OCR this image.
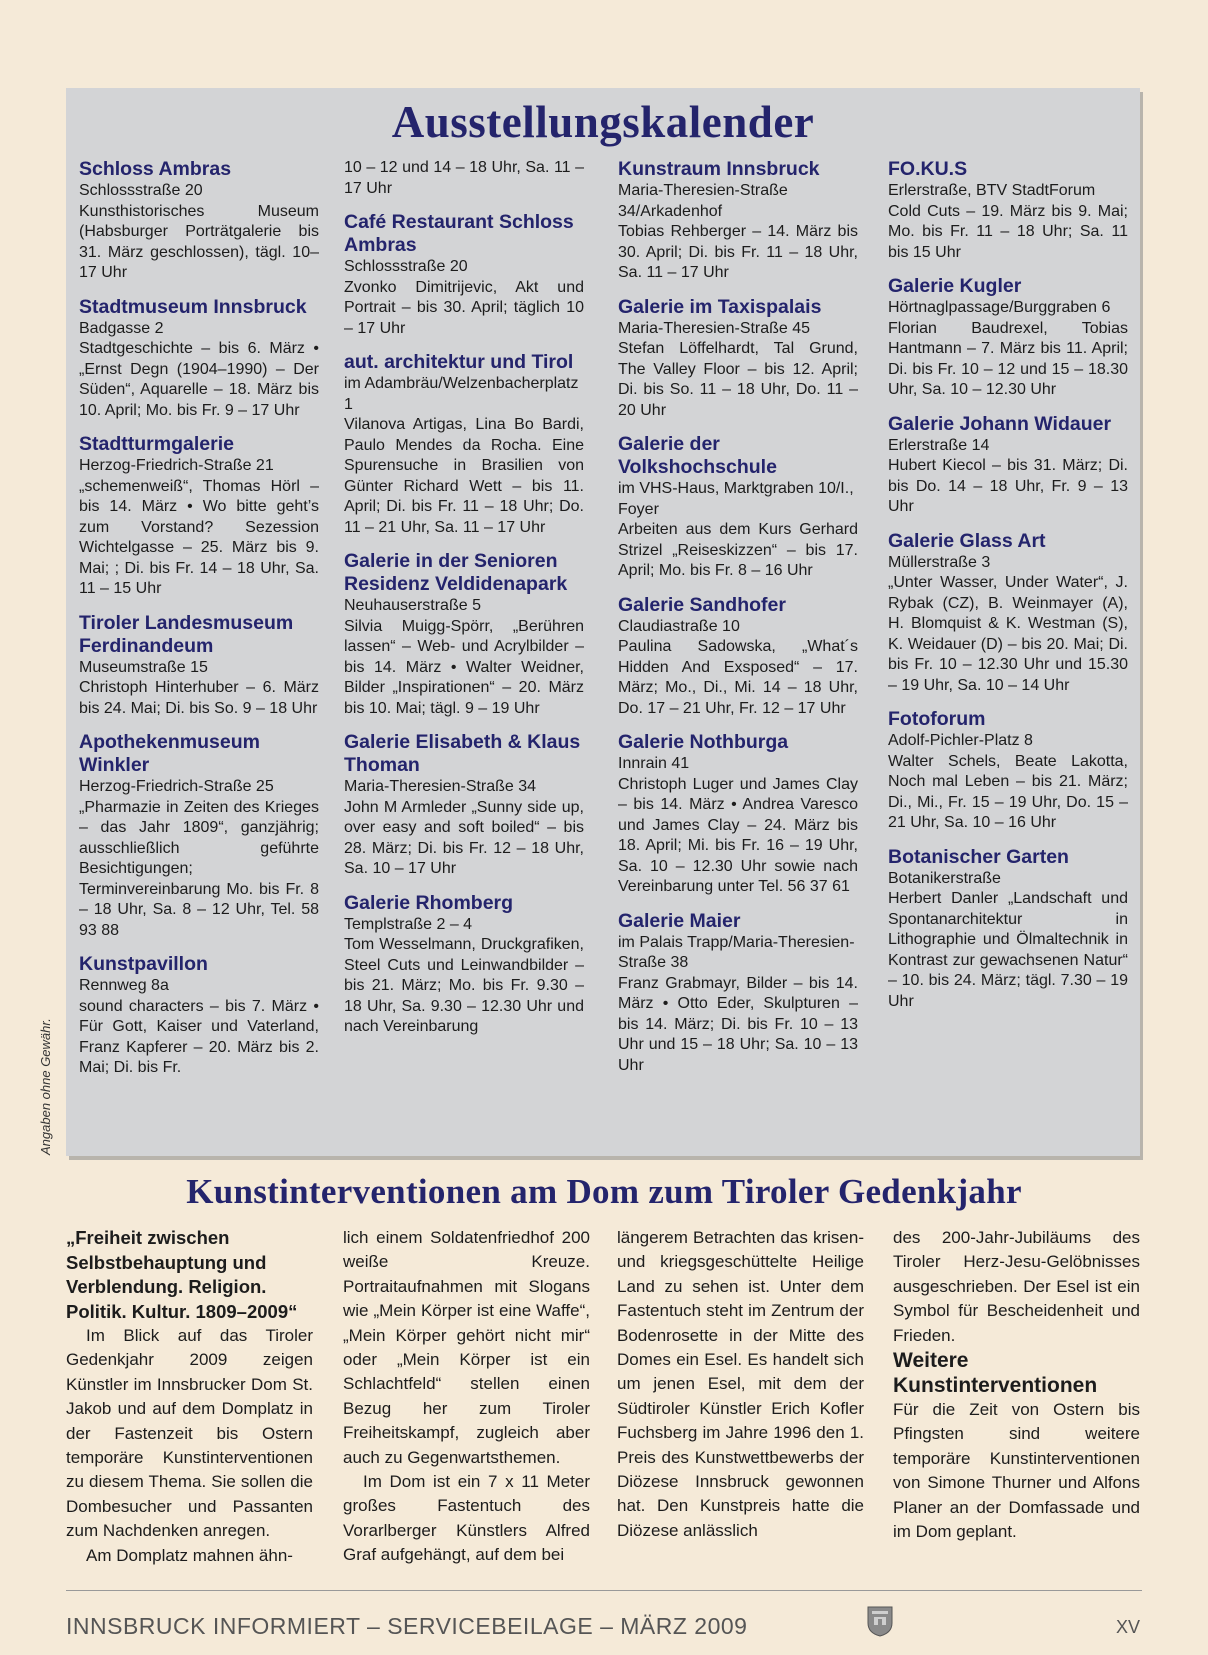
Angaben ohne Gewähr.
Ausstellungskalender
Schloss Ambras

Schlossstraße 20

Kunsthistorisches Museum (Habsburger Porträtgalerie bis 31. März geschlossen), tägl. 10–17 Uhr

Stadtmuseum Innsbruck

Badgasse 2

Stadtgeschichte – bis 6. März • „Ernst Degn (1904–1990) – Der Süden“, Aquarelle – 18. März bis 10. April; Mo. bis Fr. 9 – 17 Uhr

Stadtturmgalerie

Herzog-Friedrich-Straße 21

„schemenweiß“, Thomas Hörl – bis 14. März • Wo bitte geht’s zum Vorstand? Sezession Wichtelgasse – 25. März bis 9. Mai; ; Di. bis Fr. 14 – 18 Uhr, Sa. 11 – 15 Uhr

Tiroler Landesmuseum Ferdinandeum

Museumstraße 15

Christoph Hinterhuber – 6. März bis 24. Mai; Di. bis So. 9 – 18 Uhr

Apothekenmuseum Winkler

Herzog-Friedrich-Straße 25

„Pharmazie in Zeiten des Krieges – das Jahr 1809“, ganzjährig; ausschließlich geführte Besichtigungen; Terminvereinbarung Mo. bis Fr. 8 – 18 Uhr, Sa. 8 – 12 Uhr, Tel. 58 93 88

Kunstpavillon

Rennweg 8a

sound characters – bis 7. März • Für Gott, Kaiser und Vaterland, Franz Kapferer – 20. März bis 2. Mai; Di. bis Fr.

10 – 12 und 14 – 18 Uhr, Sa. 11 – 17 Uhr

Café Restaurant Schloss Ambras

Schlossstraße 20

Zvonko Dimitrijevic, Akt und Portrait – bis 30. April; täglich 10 – 17 Uhr

aut. architektur und Tirol

im Adambräu/Welzenbacherplatz 1

Vilanova Artigas, Lina Bo Bardi, Paulo Mendes da Rocha. Eine Spurensuche in Brasilien von Günter Richard Wett – bis 11. April; Di. bis Fr. 11 – 18 Uhr; Do. 11 – 21 Uhr, Sa. 11 – 17 Uhr

Galerie in der Senioren Residenz Veldidenapark

Neuhauserstraße 5

Silvia Muigg-Spörr, „Berühren lassen“ – Web- und Acrylbilder – bis 14. März • Walter Weidner, Bilder „Inspirationen“ – 20. März bis 10. Mai; tägl. 9 – 19 Uhr

Galerie Elisabeth & Klaus Thoman

Maria-Theresien-Straße 34

John M Armleder „Sunny side up, over easy and soft boiled“ – bis 28. März; Di. bis Fr. 12 – 18 Uhr, Sa. 10 – 17 Uhr

Galerie Rhomberg

Templstraße 2 – 4

Tom Wesselmann, Druckgrafiken, Steel Cuts und Leinwandbilder – bis 21. März; Mo. bis Fr. 9.30 – 18 Uhr, Sa. 9.30 – 12.30 Uhr und nach Vereinbarung

Kunstraum Innsbruck

Maria-Theresien-Straße 34/Arkadenhof

Tobias Rehberger – 14. März bis 30. April; Di. bis Fr. 11 – 18 Uhr, Sa. 11 – 17 Uhr

Galerie im Taxispalais

Maria-Theresien-Straße 45

Stefan Löffelhardt, Tal Grund, The Valley Floor – bis 12. April; Di. bis So. 11 – 18 Uhr, Do. 11 – 20 Uhr

Galerie der Volkshochschule

im VHS-Haus, Marktgraben 10/I., Foyer

Arbeiten aus dem Kurs Gerhard Strizel „Reiseskizzen“ – bis 17. April; Mo. bis Fr. 8 – 16 Uhr

Galerie Sandhofer

Claudiastraße 10

Paulina Sadowska, „What´s Hidden And Exsposed“ – 17. März; Mo., Di., Mi. 14 – 18 Uhr, Do. 17 – 21 Uhr, Fr. 12 – 17 Uhr

Galerie Nothburga

Innrain 41

Christoph Luger und James Clay – bis 14. März • Andrea Varesco und James Clay – 24. März bis 18. April; Mi. bis Fr. 16 – 19 Uhr, Sa. 10 – 12.30 Uhr sowie nach Vereinbarung unter Tel. 56 37 61

Galerie Maier

im Palais Trapp/Maria-Theresien-Straße 38

Franz Grabmayr, Bilder – bis 14. März • Otto Eder, Skulpturen – bis 14. März; Di. bis Fr. 10 – 13 Uhr und 15 – 18 Uhr; Sa. 10 – 13 Uhr

FO.KU.S

Erlerstraße, BTV StadtForum

Cold Cuts – 19. März bis 9. Mai; Mo. bis Fr. 11 – 18 Uhr; Sa. 11 bis 15 Uhr

Galerie Kugler

Hörtnaglpassage/Burggraben 6

Florian Baudrexel, Tobias Hantmann – 7. März bis 11. April; Di. bis Fr. 10 – 12 und 15 – 18.30 Uhr, Sa. 10 – 12.30 Uhr

Galerie Johann Widauer

Erlerstraße 14

Hubert Kiecol – bis 31. März; Di. bis Do. 14 – 18 Uhr, Fr. 9 – 13 Uhr

Galerie Glass Art

Müllerstraße 3

„Unter Wasser, Under Water“, J. Rybak (CZ), B. Weinmayer (A), H. Blomquist & K. Westman (S), K. Weidauer (D) – bis 20. Mai; Di. bis Fr. 10 – 12.30 Uhr und 15.30 – 19 Uhr, Sa. 10 – 14 Uhr

Fotoforum

Adolf-Pichler-Platz 8

Walter Schels, Beate Lakotta, Noch mal Leben – bis 21. März; Di., Mi., Fr. 15 – 19 Uhr, Do. 15 – 21 Uhr, Sa. 10 – 16 Uhr

Botanischer Garten

Botanikerstraße

Herbert Danler „Landschaft und Spontanarchitektur in Lithographie und Ölmaltechnik in Kontrast zur gewachsenen Natur“ – 10. bis 24. März; tägl. 7.30 – 19 Uhr

Kunstinterventionen am Dom zum Tiroler Gedenkjahr

„Freiheit zwischen Selbstbehauptung und Verblendung. Religion. Politik. Kultur. 1809–2009“

Im Blick auf das Tiroler Gedenkjahr 2009 zeigen Künstler im Innsbrucker Dom St. Jakob und auf dem Domplatz in der Fastenzeit bis Ostern temporäre Kunstinterventionen zu diesem Thema. Sie sollen die Dombesucher und Passanten zum Nachdenken anregen.

Am Domplatz mahnen ähn-

lich einem Soldatenfriedhof 200 weiße Kreuze. Portraitaufnahmen mit Slogans wie „Mein Körper ist eine Waffe“, „Mein Körper gehört nicht mir“ oder „Mein Körper ist ein Schlachtfeld“ stellen einen Bezug her zum Tiroler Freiheitskampf, zugleich aber auch zu Gegenwartsthemen.

Im Dom ist ein 7 x 11 Meter großes Fastentuch des Vorarlberger Künstlers Alfred Graf aufgehängt, auf dem bei

längerem Betrachten das krisen- und kriegsgeschüttelte Heilige Land zu sehen ist. Unter dem Fastentuch steht im Zentrum der Bodenrosette in der Mitte des Domes ein Esel. Es handelt sich um jenen Esel, mit dem der Südtiroler Künstler Erich Kofler Fuchsberg im Jahre 1996 den 1. Preis des Kunstwettbewerbs der Diözese Innsbruck gewonnen hat. Den Kunstpreis hatte die Diözese anlässlich

des 200-Jahr-Jubiläums des Tiroler Herz-Jesu-Gelöbnisses ausgeschrieben. Der Esel ist ein Symbol für Bescheidenheit und Frieden.

Weitere Kunstinterventionen

Für die Zeit von Ostern bis Pfingsten sind weitere temporäre Kunstinterventionen von Simone Thurner und Alfons Planer an der Domfassade und im Dom geplant.

INNSBRUCK INFORMIERT – SERVICEBEILAGE – MÄRZ 2009	XV
